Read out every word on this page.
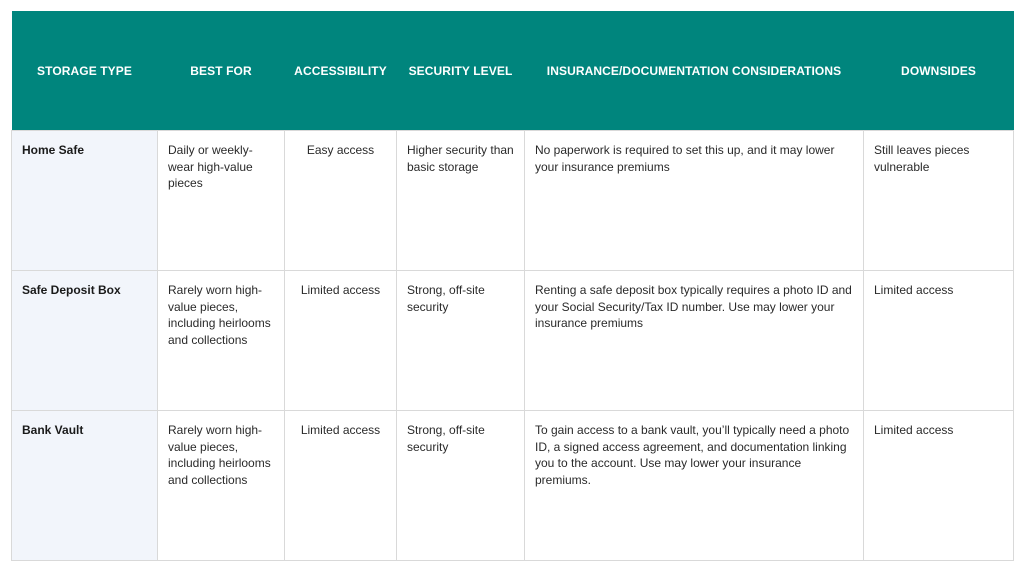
STORAGE TYPE	BEST FOR	ACCESSIBILITY	SECURITY LEVEL	INSURANCE/DOCUMENTATION CONSIDERATIONS	DOWNSIDES
Home Safe	Daily or weekly-wear high-value pieces	Easy access	Higher security than basic storage	No paperwork is required to set this up, and it may lower your insurance premiums	Still leaves pieces vulnerable
Safe Deposit Box	Rarely worn high-value pieces, including heirlooms and collections	Limited access	Strong, off-site security	Renting a safe deposit box typically requires a photo ID and your Social Security/Tax ID number. Use may lower your insurance premiums	Limited access
Bank Vault	Rarely worn high-value pieces, including heirlooms and collections	Limited access	Strong, off-site security	To gain access to a bank vault, you’ll typically need a photo ID, a signed access agreement, and documentation linking you to the account. Use may lower your insurance premiums.	Limited access
